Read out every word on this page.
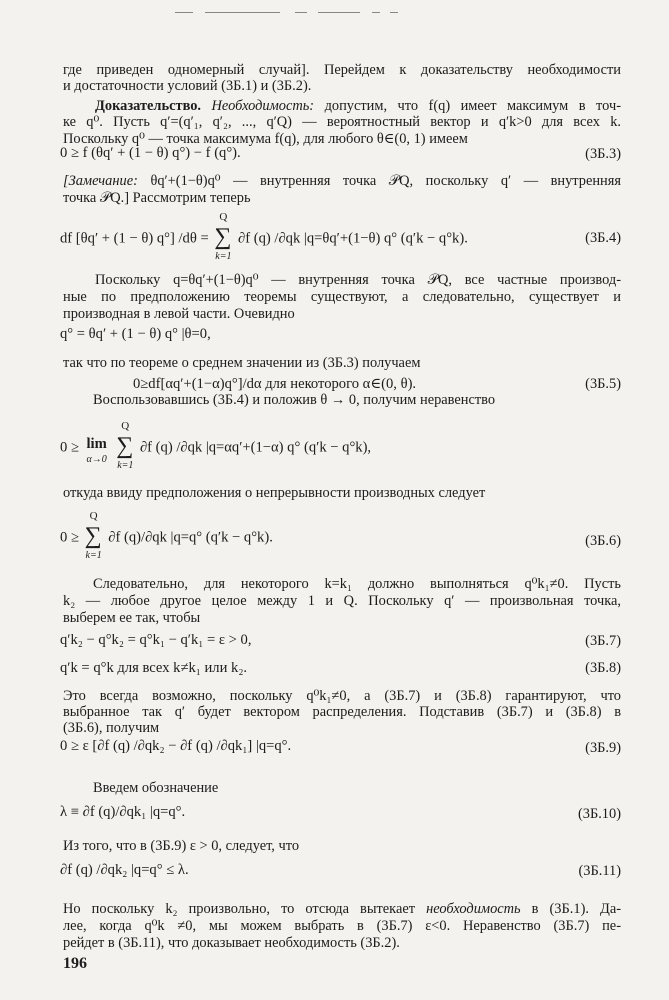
где приведен одномерный случай]. Перейдем к доказательству необходимости
и достаточности условий (3Б.1) и (3Б.2).
Доказательство. Необходимость: допустим, что f(q) имеет максимум в точ-
ке q⁰. Пусть q′=(q′₁, q′₂, ..., q′Q) — вероятностный вектор и q′k>0 для всех k.
Поскольку q⁰ — точка максимума f(q), для любого θ∈(0, 1) имеем
0 ≥ f (θq′ + (1 − θ) q°) − f (q°).	(3Б.3)
[Замечание: θq′+(1−θ)q⁰ — внутренняя точка 𝒫Q, поскольку q′ — внутренняя
точка 𝒫Q.] Рассмотрим теперь
df [θq′ + (1 − θ) q°] /dθ =
Q
∑
k=1
∂f (q) /∂qk |q=θq′+(1−θ) q° (q′k − q°k).	(3Б.4)
Поскольку q=θq′+(1−θ)q⁰ — внутренняя точка 𝒫Q, все частные производ-
ные по предположению теоремы существуют, а следовательно, существует и
производная в левой части. Очевидно
q° = θq′ + (1 − θ) q° |θ=0,
так что по теореме о среднем значении из (3Б.3) получаем
0≥df[αq′+(1−α)q°]/dα для некоторого α∈(0, θ).	(3Б.5)
Воспользовавшись (3Б.4) и положив θ → 0, получим неравенство
0 ≥ lim
α→0

Q
∑
k=1
∂f (q) /∂qk |q=αq′+(1−α) q° (q′k − q°k),
откуда ввиду предположения о непрерывности производных следует
0 ≥
Q
∑
k=1
∂f (q)/∂qk |q=q° (q′k − q°k).	(3Б.6)
Следовательно, для некоторого k=k₁ должно выполняться q⁰k₁≠0. Пусть
k₂ — любое другое целое между 1 и Q. Поскольку q′ — произвольная точка,
выберем ее так, чтобы
q′k₂ − q°k₂ = q°k₁ − q′k₁ = ε > 0,	(3Б.7)
q′k = q°k для всех k≠k₁ или k₂.	(3Б.8)
Это всегда возможно, поскольку q⁰k₁≠0, а (3Б.7) и (3Б.8) гарантируют, что
выбранное так q′ будет вектором распределения. Подставив (3Б.7) и (3Б.8) в
(3Б.6), получим
0 ≥ ε [∂f (q) /∂qk₂ − ∂f (q) /∂qk₁] |q=q°.	(3Б.9)
Введем обозначение
λ ≡ ∂f (q)/∂qk₁ |q=q°.	(3Б.10)
Из того, что в (3Б.9) ε > 0, следует, что
∂f (q) /∂qk₂ |q=q° ≤ λ.	(3Б.11)
Но поскольку k₂ произвольно, то отсюда вытекает необходимость в (3Б.1). Да-
лее, когда q⁰k ≠0, мы можем выбрать в (3Б.7) ε<0. Неравенство (3Б.7) пе-
рейдет в (3Б.11), что доказывает необходимость (3Б.2).
196
